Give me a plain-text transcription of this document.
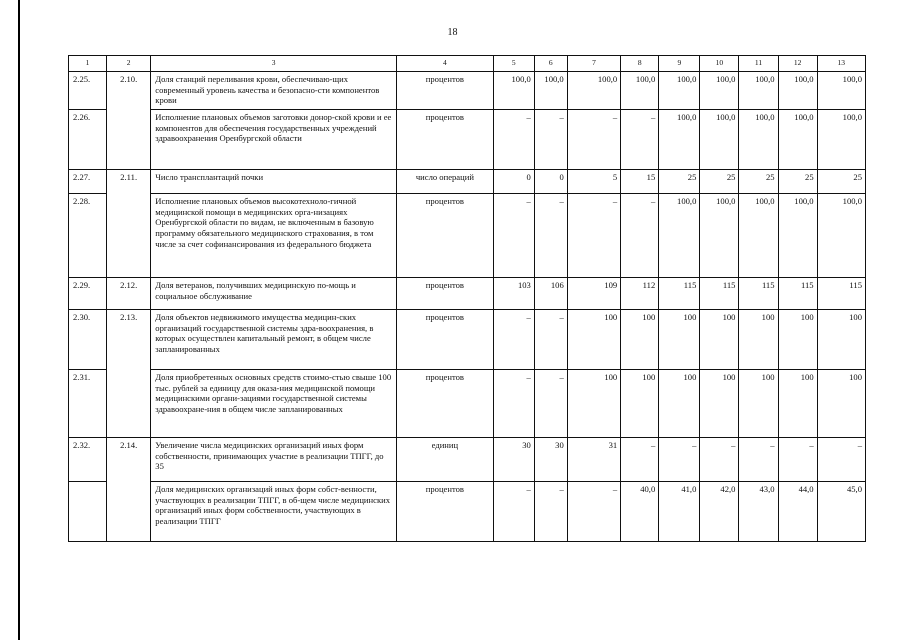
18
1	2	3	4	5	6	7	8	9	10	11	12	13
2.25.	2.10.	Доля станций переливания крови, обеспечиваю-щих современный уровень качества и безопасно-сти компонентов крови	процентов	100,0	100,0	100,0	100,0	100,0	100,0	100,0	100,0	100,0
2.26.		Исполнение плановых объемов заготовки донор-ской крови и ее компонентов для обеспечения государственных учреждений здравоохранения Оренбургской области	процентов	–	–	–	–	100,0	100,0	100,0	100,0	100,0
2.27.	2.11.	Число трансплантаций почки	число операций	0	0	5	15	25	25	25	25	25
2.28.		Исполнение плановых объемов высокотехноло-гичной медицинской помощи в медицинских орга-низациях Оренбургской области по видам, не включенным в базовую программу обязательного медицинского страхования, в том числе за счет софинансирования из федерального бюджета	процентов	–	–	–	–	100,0	100,0	100,0	100,0	100,0
2.29.	2.12.	Доля ветеранов, получивших медицинскую по-мощь и социальное обслуживание	процентов	103	106	109	112	115	115	115	115	115
2.30.	2.13.	Доля объектов недвижимого имущества медицин-ских организаций государственной системы здра-воохранения, в которых осуществлен капитальный ремонт, в общем числе запланированных	процентов	–	–	100	100	100	100	100	100	100
2.31.		Доля приобретенных основных средств стоимо-стью свыше 100 тыс. рублей за единицу для оказа-ния медицинской помощи медицинскими органи-зациями государственной системы здравоохране-ния в общем числе запланированных	процентов	–	–	100	100	100	100	100	100	100
2.32.	2.14.	Увеличение числа медицинских организаций иных форм собственности, принимающих участие в реализации ТПГГ, до 35	единиц	30	30	31	–	–	–	–	–	–
		Доля медицинских организаций иных форм собст-венности, участвующих в реализации ТПГГ, в об-щем числе медицинских организаций иных форм собственности, участвующих в реализации ТПГГ	процентов	–	–	–	40,0	41,0	42,0	43,0	44,0	45,0
